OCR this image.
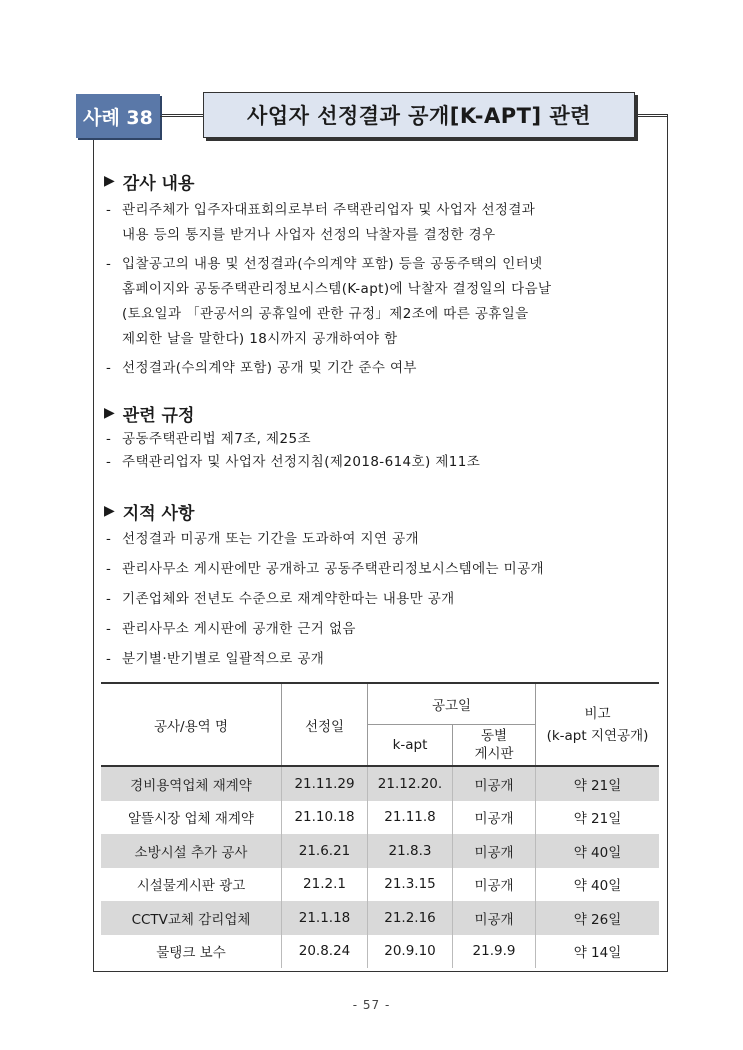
사례 38	사업자 선정결과 공개[K-APT] 관련
▶ 감사 내용
- 관리주체가 입주자대표회의로부터 주택관리업자 및 사업자 선정결과
내용 등의 통지를 받거나 사업자 선정의 낙찰자를 결정한 경우
- 입찰공고의 내용 및 선정결과(수의계약 포함) 등을 공동주택의 인터넷
홈페이지와 공동주택관리정보시스템(K-apt)에 낙찰자 결정일의 다음날
(토요일과 「관공서의 공휴일에 관한 규정」제2조에 따른 공휴일을
제외한 날을 말한다) 18시까지 공개하여야 함
- 선정결과(수의계약 포함) 공개 및 기간 준수 여부
▶ 관련 규정
- 공동주택관리법 제7조, 제25조
- 주택관리업자 및 사업자 선정지침(제2018-614호) 제11조
▶ 지적 사항
- 선정결과 미공개 또는 기간을 도과하여 지연 공개
- 관리사무소 게시판에만 공개하고 공동주택관리정보시스템에는 미공개
- 기존업체와 전년도 수준으로 재계약한따는 내용만 공개
- 관리사무소 게시판에 공개한 근거 없음
- 분기별·반기별로 일괄적으로 공개
공사/용역 명	선정일	공고일		비고
(k-apt 지연공개)
		k-apt	동별
게시판	
경비용역업체 재계약	21.11.29	21.12.20.	미공개	약 21일
알뜰시장 업체 재계약	21.10.18	21.11.8	미공개	약 21일
소방시설 추가 공사	21.6.21	21.8.3	미공개	약 40일
시설물게시판 광고	21.2.1	21.3.15	미공개	약 40일
CCTV교체 감리업체	21.1.18	21.2.16	미공개	약 26일
물탱크 보수	20.8.24	20.9.10	21.9.9	약 14일
- 57 -
